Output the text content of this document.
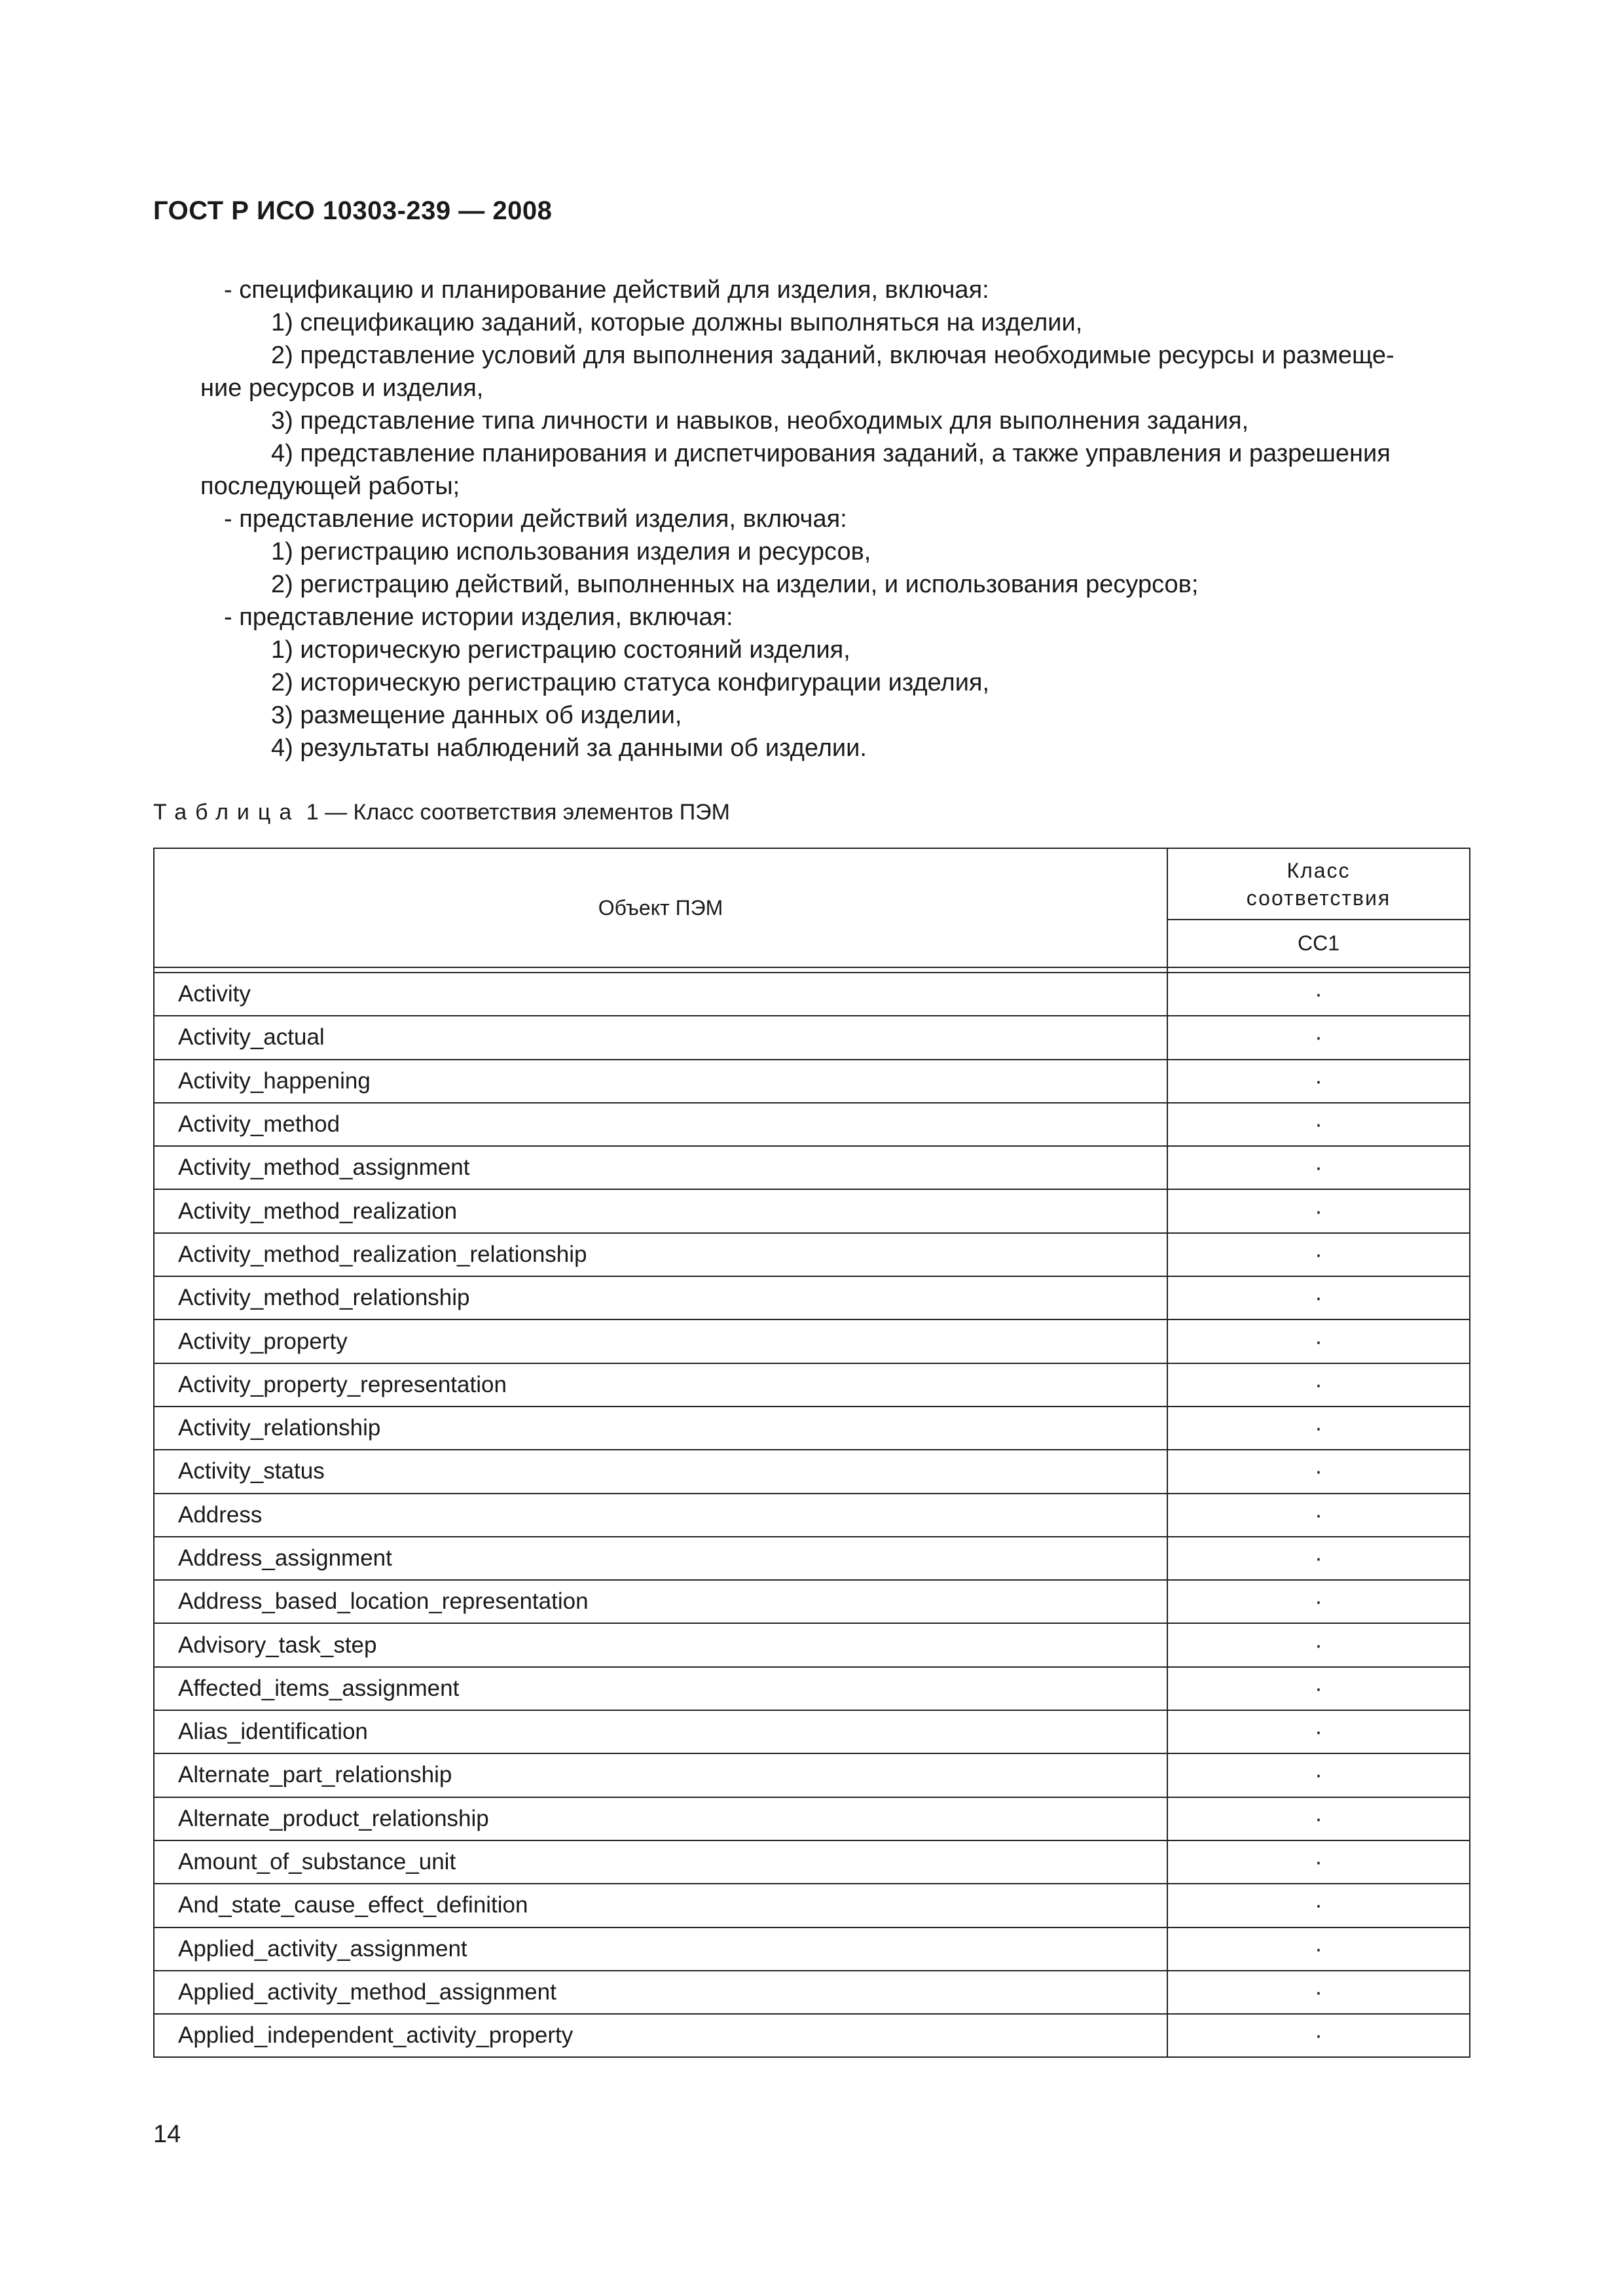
ГОСТ Р ИСО 10303-239 — 2008
- спецификацию и планирование действий для изделия, включая:
1) спецификацию заданий, которые должны выполняться на изделии,
2) представление условий для выполнения заданий, включая необходимые ресурсы и размеще-
ние ресурсов и изделия,
3) представление типа личности и навыков, необходимых для выполнения задания,
4) представление планирования и диспетчирования заданий, а также управления и разрешения
последующей работы;
- представление истории действий изделия, включая:
1) регистрацию использования изделия и ресурсов,
2) регистрацию действий, выполненных на изделии, и использования ресурсов;
- представление истории изделия, включая:
1) историческую регистрацию состояний изделия,
2) историческую регистрацию статуса конфигурации изделия,
3) размещение данных об изделии,
4) результаты наблюдений за данными об изделии.
Таблица 1 — Класс соответствия элементов ПЭМ
Объект ПЭМ	Класс
соответствия
	CC1

Activity	·
Activity_actual	·
Activity_happening	·
Activity_method	·
Activity_method_assignment	·
Activity_method_realization	·
Activity_method_realization_relationship	·
Activity_method_relationship	·
Activity_property	·
Activity_property_representation	·
Activity_relationship	·
Activity_status	·
Address	·
Address_assignment	·
Address_based_location_representation	·
Advisory_task_step	·
Affected_items_assignment	·
Alias_identification	·
Alternate_part_relationship	·
Alternate_product_relationship	·
Amount_of_substance_unit	·
And_state_cause_effect_definition	·
Applied_activity_assignment	·
Applied_activity_method_assignment	·
Applied_independent_activity_property	·
14
